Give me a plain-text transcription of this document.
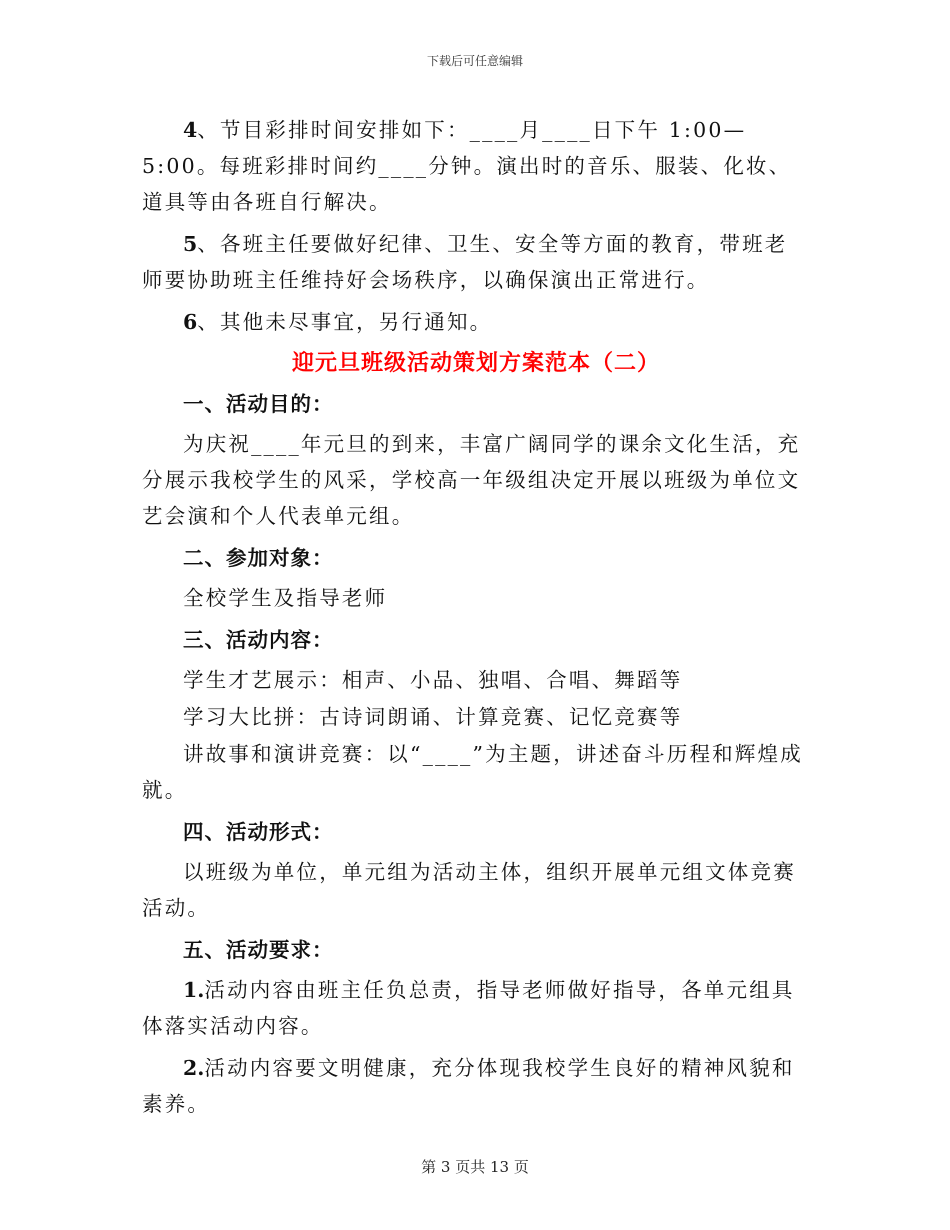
下载后可任意编辑

4、节目彩排时间安排如下：____月____日下午 1:00—5:00。每班彩排时间约____分钟。演出时的音乐、服装、化妆、道具等由各班自行解决。

5、各班主任要做好纪律、卫生、安全等方面的教育，带班老师要协助班主任维持好会场秩序，以确保演出正常进行。

6、其他未尽事宜，另行通知。

迎元旦班级活动策划方案范本（二）
一、活动目的：

为庆祝____年元旦的到来，丰富广阔同学的课余文化生活，充分展示我校学生的风采，学校高一年级组决定开展以班级为单位文艺会演和个人代表单元组。

二、参加对象：

全校学生及指导老师

三、活动内容：

学生才艺展示：相声、小品、独唱、合唱、舞蹈等

学习大比拼：古诗词朗诵、计算竞赛、记忆竞赛等

讲故事和演讲竞赛：以“____”为主题，讲述奋斗历程和辉煌成就。

四、活动形式：

以班级为单位，单元组为活动主体，组织开展单元组文体竞赛活动。

五、活动要求：

1.活动内容由班主任负总责，指导老师做好指导，各单元组具体落实活动内容。

2.活动内容要文明健康，充分体现我校学生良好的精神风貌和素养。

第 3 页共 13 页
